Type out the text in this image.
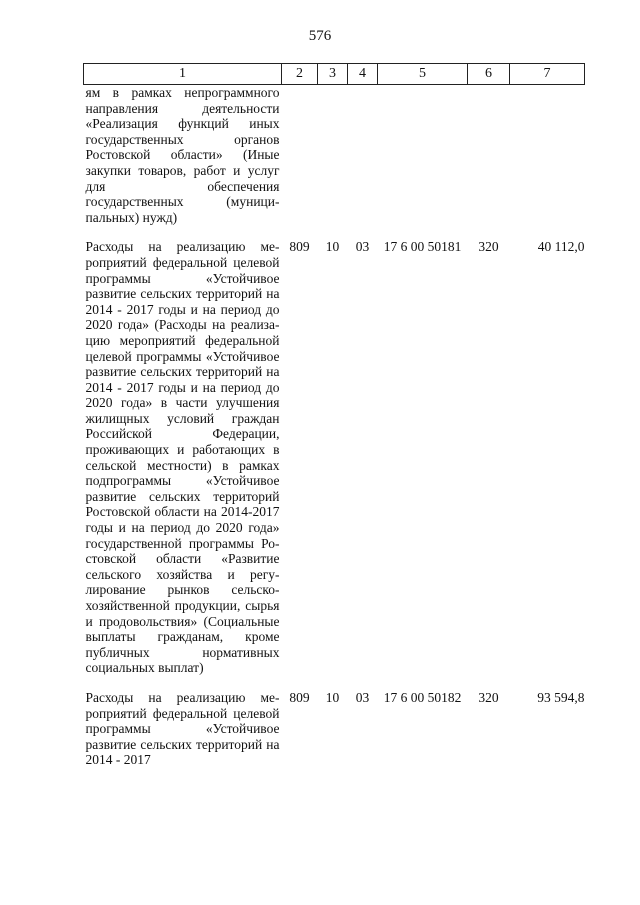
576
1	2	3	4	5	6	7
ям в рамках непрограммного направления деятельности «Реализация функций иных государственных органов Ростовской области» (Иные закупки товаров, работ и услуг для обеспечения государственных (муниципальных) нужд)						

Расходы на реализацию мероприятий федеральной целевой программы «Устойчивое развитие сельских территорий на 2014 - 2017 годы и на период до 2020 года» (Расходы на реализацию мероприятий федеральной целевой программы «Устойчивое развитие сельских территорий на 2014 - 2017 годы и на период до 2020 года» в части улучшения жилищных условий граждан Российской Федерации, проживающих и работающих в сельской местности) в рамках подпрограммы «Устойчивое развитие сельских территорий Ростовской области на 2014-2017 годы и на период до 2020 года» государственной программы Ростовской области «Развитие сельского хозяйства и регулирование рынков сельскохозяйственной продукции, сырья и продовольствия» (Социальные выплаты гражданам, кроме публичных нормативных социальных выплат)	809	10	03	17 6 00 50181	320	40 112,0

Расходы на реализацию мероприятий федеральной целевой программы «Устойчивое развитие сельских территорий на 2014 - 2017	809	10	03	17 6 00 50182	320	93 594,8
